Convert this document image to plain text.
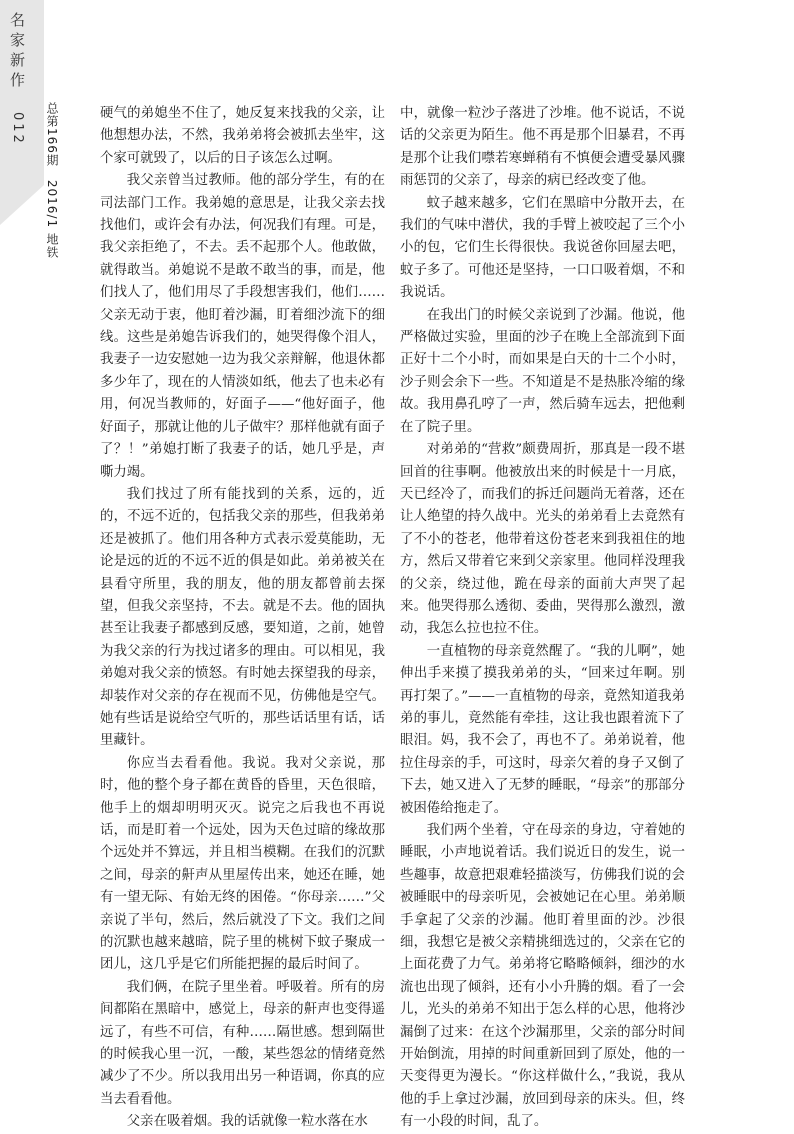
名家新作
012 总第166期　2016/1 地铁	硬气的弟媳坐不住了，她反复来找我的父亲，让他想想办法，不然，我弟弟将会被抓去坐牢，这个家可就毁了，以后的日子该怎么过啊。

我父亲曾当过教师。他的部分学生，有的在司法部门工作。我弟媳的意思是，让我父亲去找找他们，或许会有办法，何况我们有理。可是，我父亲拒绝了，不去。丢不起那个人。他敢做，就得敢当。弟媳说不是敢不敢当的事，而是，他们找人了，他们用尽了手段想害我们，他们……父亲无动于衷，他盯着沙漏，盯着细沙流下的细线。这些是弟媳告诉我们的，她哭得像个泪人，我妻子一边安慰她一边为我父亲辩解，他退休都多少年了，现在的人情淡如纸，他去了也未必有用，何况当教师的，好面子——“他好面子，他好面子，那就让他的儿子做牢？那样他就有面子了？！”弟媳打断了我妻子的话，她几乎是，声嘶力竭。

我们找过了所有能找到的关系，远的，近的，不远不近的，包括我父亲的那些，但我弟弟还是被抓了。他们用各种方式表示爱莫能助，无论是远的近的不远不近的俱是如此。弟弟被关在县看守所里，我的朋友，他的朋友都曾前去探望，但我父亲坚持，不去。就是不去。他的固执甚至让我妻子都感到反感，要知道，之前，她曾为我父亲的行为找过诸多的理由。可以相见，我弟媳对我父亲的愤怒。有时她去探望我的母亲，却装作对父亲的存在视而不见，仿佛他是空气。她有些话是说给空气听的，那些话话里有话，话里藏针。

你应当去看看他。我说。我对父亲说，那时，他的整个身子都在黄昏的昏里，天色很暗，他手上的烟却明明灭灭。说完之后我也不再说话，而是盯着一个远处，因为天色过暗的缘故那个远处并不算远，并且相当模糊。在我们的沉默之间，母亲的鼾声从里屋传出来，她还在睡，她有一望无际、有始无终的困倦。“你母亲……”父亲说了半句，然后，然后就没了下文。我们之间的沉默也越来越暗，院子里的桃树下蚊子聚成一团儿，这几乎是它们所能把握的最后时间了。

我们俩，在院子里坐着。呼吸着。所有的房间都陷在黑暗中，感觉上，母亲的鼾声也变得遥远了，有些不可信，有种……隔世感。想到隔世的时候我心里一沉，一酸，某些怨忿的情绪竟然减少了不少。所以我用出另一种语调，你真的应当去看看他。

父亲在吸着烟。我的话就像一粒水落在水

中，就像一粒沙子落进了沙堆。他不说话，不说话的父亲更为陌生。他不再是那个旧暴君，不再是那个让我们噤若寒蝉稍有不慎便会遭受暴风骤雨惩罚的父亲了，母亲的病已经改变了他。

蚊子越来越多，它们在黑暗中分散开去，在我们的气味中潜伏，我的手臂上被咬起了三个小小的包，它们生长得很快。我说爸你回屋去吧，蚊子多了。可他还是坚持，一口口吸着烟，不和我说话。

在我出门的时候父亲说到了沙漏。他说，他严格做过实验，里面的沙子在晚上全部流到下面正好十二个小时，而如果是白天的十二个小时，沙子则会余下一些。不知道是不是热胀冷缩的缘故。我用鼻孔哼了一声，然后骑车远去，把他剩在了院子里。

对弟弟的“营救”颇费周折，那真是一段不堪回首的往事啊。他被放出来的时候是十一月底，天已经冷了，而我们的拆迁问题尚无着落，还在让人绝望的持久战中。光头的弟弟看上去竟然有了不小的苍老，他带着这份苍老来到我祖住的地方，然后又带着它来到父亲家里。他同样没理我的父亲，绕过他，跪在母亲的面前大声哭了起来。他哭得那么透彻、委曲，哭得那么激烈，激动，我怎么拉也拉不住。

一直植物的母亲竟然醒了。“我的儿啊”，她伸出手来摸了摸我弟弟的头，“回来过年啊。别再打架了。”——一直植物的母亲，竟然知道我弟弟的事儿，竟然能有牵挂，这让我也跟着流下了眼泪。妈，我不会了，再也不了。弟弟说着，他拉住母亲的手，可这时，母亲欠着的身子又倒了下去，她又进入了无梦的睡眠，“母亲”的那部分被困倦给拖走了。

我们两个坐着，守在母亲的身边，守着她的睡眠，小声地说着话。我们说近日的发生，说一些趣事，故意把艰难轻描淡写，仿佛我们说的会被睡眠中的母亲听见，会被她记在心里。弟弟顺手拿起了父亲的沙漏。他盯着里面的沙。沙很细，我想它是被父亲精挑细选过的，父亲在它的上面花费了力气。弟弟将它略略倾斜，细沙的水流也出现了倾斜，还有小小升腾的烟。看了一会儿，光头的弟弟不知出于怎么样的心思，他将沙漏倒了过来：在这个沙漏那里，父亲的部分时间开始倒流，用掉的时间重新回到了原处，他的一天变得更为漫长。“你这样做什么，”我说，我从他的手上拿过沙漏，放回到母亲的床头。但，终有一小段的时间，乱了。
